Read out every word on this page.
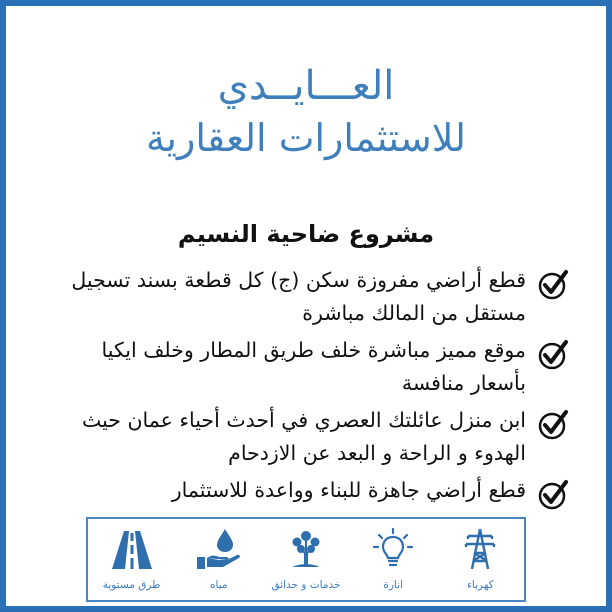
العـــايــدي
للاستثمارات العقارية
مشروع ضاحية النسيم
قطع أراضي مفروزة سكن (ج) كل قطعة بسند تسجيل مستقل من المالك مباشرة
موقع مميز مباشرة خلف طريق المطار وخلف ايكيا بأسعار منافسة
ابن منزل عائلتك العصري في أحدث أحياء عمان حيث الهدوء و الراحة و البعد عن الازدحام
قطع أراضي جاهزة للبناء وواعدة للاستثمار
كهرباء
انارة
خدمات و حدائق
مياه
طرق مستوية
